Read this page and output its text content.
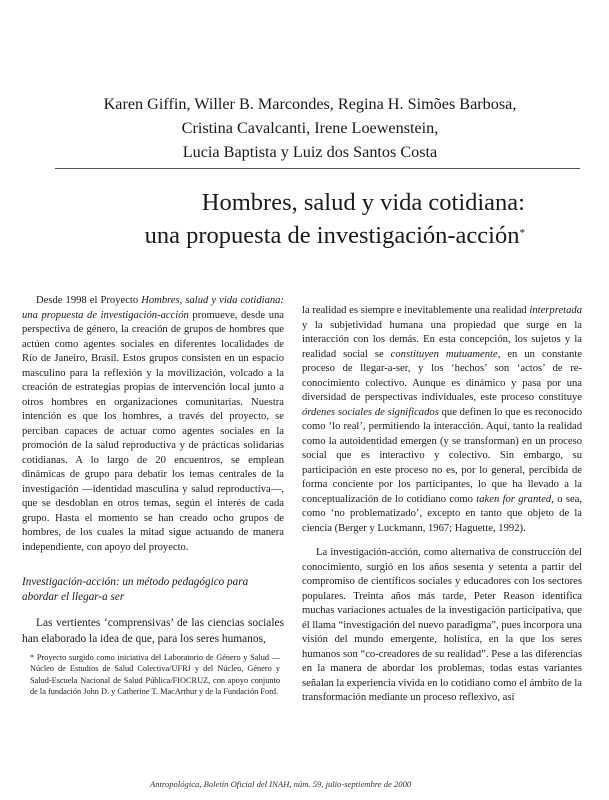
Karen Giffin, Willer B. Marcondes, Regina H. Simões Barbosa,
Cristina Cavalcanti, Irene Loewenstein,
Lucia Baptista y Luiz dos Santos Costa
Hombres, salud y vida cotidiana:
una propuesta de investigación-acción*

Desde 1998 el Proyecto Hombres, salud y vida cotidiana: una propuesta de investigación-acción promueve, desde una perspectiva de género, la creación de grupos de hombres que actúen como agentes sociales en diferentes localidades de Río de Janeiro, Brasil. Estos grupos consisten en un espacio masculino para la reflexión y la movilización, volcado a la creación de estrategias propias de intervención local junto a otros hombres en organizaciones comunitarias. Nuestra intención es que los hombres, a través del proyecto, se perciban capaces de actuar como agentes sociales en la promoción de la salud reproductiva y de prácticas solidarias cotidianas. A lo largo de 20 encuentros, se emplean dinámicas de grupo para debatir los temas centrales de la investigación —identidad masculina y salud reproductiva—, que se desdoblan en otros temas, según el interés de cada grupo. Hasta el momento se han creado ocho grupos de hombres, de los cuales la mitad sigue actuando de manera independiente, con apoyo del proyecto.

Investigación-acción: un método pedagógico para abordar el llegar-a ser

Las vertientes ‘comprensivas’ de las ciencias sociales han elaborado la idea de que, para los seres humanos,

* Proyecto surgido como iniciativa del Laboratorio de Género y Salud —Núcleo de Estudios de Salud Colectiva/UFRJ y del Núcleo, Género y Salud-Escuela Nacional de Salud Pública/FIOCRUZ, con apoyo conjunto de la fundación John D. y Catherine T. MacArthur y de la Fundación Ford.

la realidad es siempre e inevitablemente una realidad interpretada y la subjetividad humana una propiedad que surge en la interacción con los demás. En esta concepción, los sujetos y la realidad social se constituyen mutuamente, en un constante proceso de llegar-a-ser, y los ‘hechos’ son ‘actos’ de re-conocimiento colectivo. Aunque es dinámico y pasa por una diversidad de perspectivas individuales, este proceso constituye órdenes sociales de significados que definen lo que es reconocido como ‘lo real’, permitiendo la interacción. Aquí, tanto la realidad como la autoidentidad emergen (y se transforman) en un proceso social que es interactivo y colectivo. Sin embargo, su participación en este proceso no es, por lo general, percibida de forma conciente por los participantes, lo que ha llevado a la conceptualización de lo cotidiano como taken for granted, o sea, como ‘no problematizado’, excepto en tanto que objeto de la ciencia (Berger y Luckmann, 1967; Haguette, 1992).

La investigación-acción, como alternativa de construcción del conocimiento, surgió en los años sesenta y setenta a partir del compromiso de científicos sociales y educadores con los sectores populares. Treinta años más tarde, Peter Reason identifica muchas variaciones actuales de la investigación participativa, que él llama “investigación del nuevo paradigma”, pues incorpora una visión del mundo emergente, holística, en la que los seres humanos son “co-creadores de su realidad”. Pese a las diferencias en la manera de abordar los problemas, todas estas variantes señalan la experiencia vivida en lo cotidiano como el ámbito de la transformación mediante un proceso reflexivo, así

Antropológica, Boletín Oficial del INAH, núm. 59, julio-septiembre de 2000
